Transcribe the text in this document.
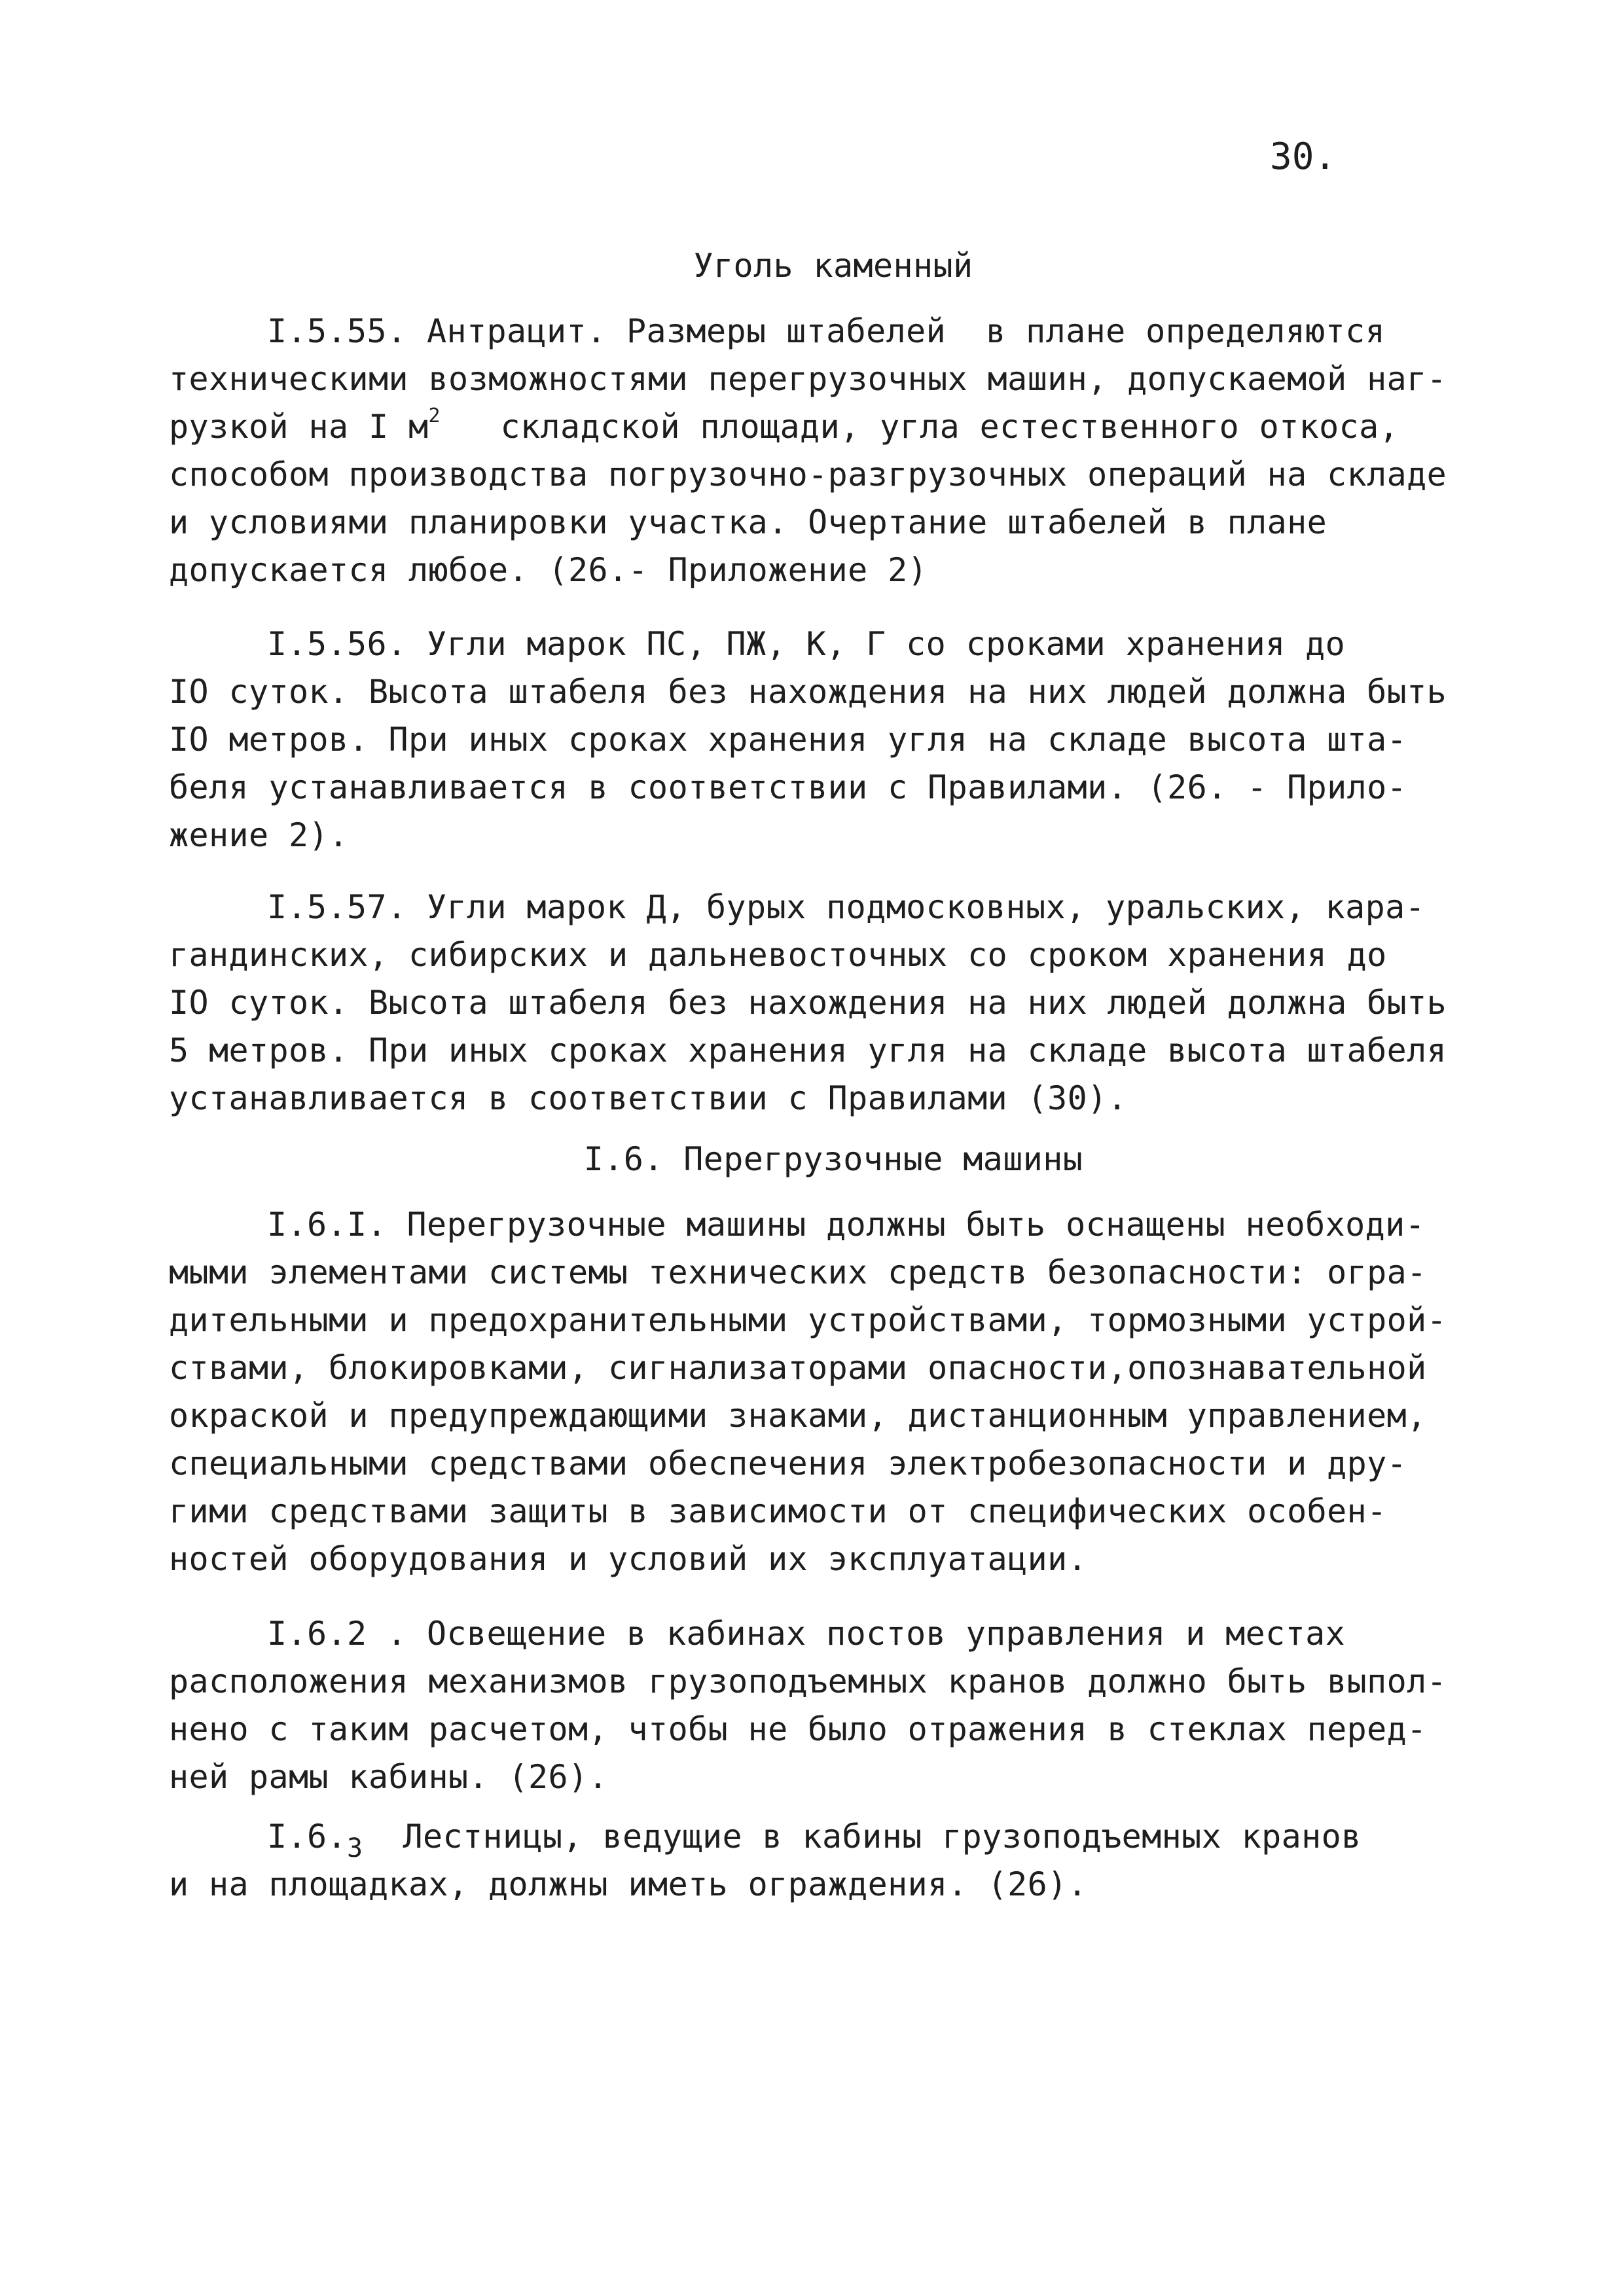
30.
Уголь каменный
I.5.55. Антрацит. Размеры штабелей  в плане определяются
техническими возможностями перегрузочных машин, допускаемой наг-
рузкой на I $м^2$   складской площади, угла естественного откоса,
способом производства погрузочно-разгрузочных операций на складе
и условиями планировки участка. Очертание штабелей в плане
допускается любое. (26.- Приложение 2)
I.5.56. Угли марок ПС, ПЖ, К, Г со сроками хранения до
IO суток. Высота штабеля без нахождения на них людей должна быть
IO метров. При иных сроках хранения угля на складе высота шта-
беля устанавливается в соответствии с Правилами. (26. - Прило-
жение 2).
I.5.57. Угли марок Д, бурых подмосковных, уральских, кара-
гандинских, сибирских и дальневосточных со сроком хранения до
IO суток. Высота штабеля без нахождения на них людей должна быть
5 метров. При иных сроках хранения угля на складе высота штабеля
устанавливается в соответствии с Правилами (30).
I.6. Перегрузочные машины
I.6.I. Перегрузочные машины должны быть оснащены необходи-
мыми элементами системы технических средств безопасности: огра-
дительными и предохранительными устройствами, тормозными устрой-
ствами, блокировками, сигнализаторами опасности,опознавательной
окраской и предупреждающими знаками, дистанционным управлением,
специальными средствами обеспечения электробезопасности и дру-
гими средствами защиты в зависимости от специфических особен-
ностей оборудования и условий их эксплуатации.
I.6.2 . Освещение в кабинах постов управления и местах
расположения механизмов грузоподъемных кранов должно быть выпол-
нено с таким расчетом, чтобы не было отражения в стеклах перед-
ней рамы кабины. (26).
$I.6._3$  Лестницы, ведущие в кабины грузоподъемных кранов
и на площадках, должны иметь ограждения. (26).
